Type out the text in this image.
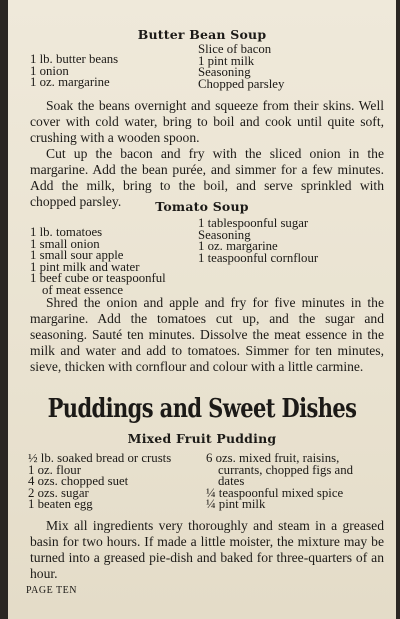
Butter Bean Soup
1 lb. butter beans
1 onion
1 oz. margarine
Slice of bacon
1 pint milk
Seasoning
Chopped parsley
Soak the beans overnight and squeeze from their skins. Well cover with cold water, bring to boil and cook until quite soft, crushing with a wooden spoon.
Cut up the bacon and fry with the sliced onion in the margarine. Add the bean purée, and simmer for a few minutes. Add the milk, bring to the boil, and serve sprinkled with chopped parsley.	Tomato Soup
1 lb. tomatoes
1 small onion
1 small sour apple
1 pint milk and water
1 beef cube or teaspoonful
of meat essence
1 tablespoonful sugar
Seasoning
1 oz. margarine
1 teaspoonful cornflour
Shred the onion and apple and fry for five minutes in the margarine. Add the tomatoes cut up, and the sugar and seasoning. Sauté ten minutes. Dissolve the meat essence in the milk and water and add to tomatoes. Simmer for ten minutes, sieve, thicken with cornflour and colour with a little carmine.
Puddings and Sweet Dishes
Mixed Fruit Pudding
½ lb. soaked bread or crusts
1 oz. flour
4 ozs. chopped suet
2 ozs. sugar
1 beaten egg
6 ozs. mixed fruit, raisins,
currants, chopped figs and
dates
¼ teaspoonful mixed spice
¼ pint milk
Mix all ingredients very thoroughly and steam in a greased basin for two hours. If made a little moister, the mixture may be turned into a greased pie-dish and baked for three-quarters of an hour.
PAGE TEN
